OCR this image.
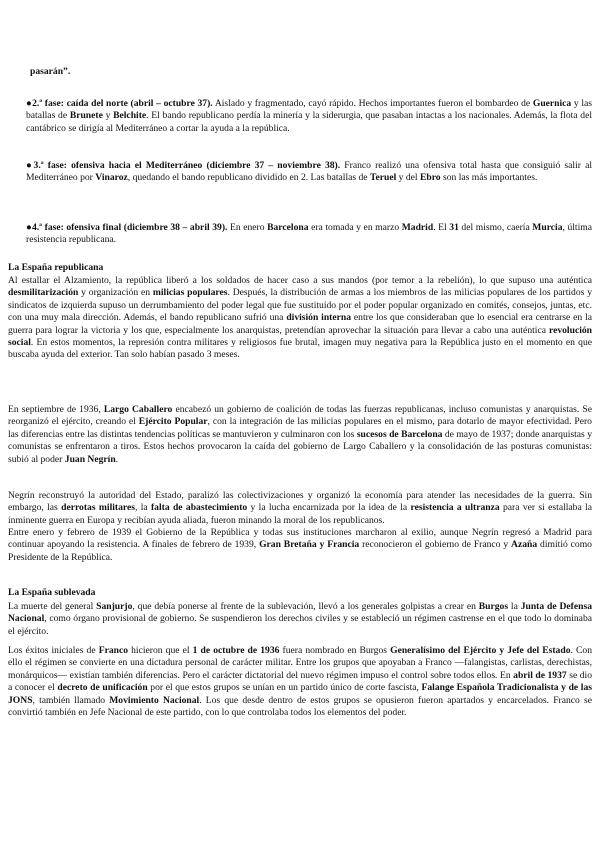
pasarán”.

●2.ª fase: caída del norte (abril – octubre 37). Aislado y fragmentado, cayó rápido. Hechos importantes fueron el bombardeo de Guernica y las batallas de Brunete y Belchite. El bando republicano perdía la minería y la siderurgia, que pasaban intactas a los nacionales. Además, la flota del cantábrico se dirigía al Mediterráneo a cortar la ayuda a la república.

●3.ª fase: ofensiva hacia el Mediterráneo (diciembre 37 – noviembre 38). Franco realizó una ofensiva total hasta que consiguió salir al Mediterráneo por Vinaroz, quedando el bando republicano dividido en 2. Las batallas de Teruel y del Ebro son las más importantes.

●4.ª fase: ofensiva final (diciembre 38 – abril 39). En enero Barcelona era tomada y en marzo Madrid. El 31 del mismo, caería Murcia, última resistencia republicana.

La España republicana

Al estallar el Alzamiento, la república liberó a los soldados de hacer caso a sus mandos (por temor a la rebelión), lo que supuso una auténtica desmilitarización y organización en milicias populares. Después, la distribución de armas a los miembros de las milicias populares de los partidos y sindicatos de izquierda supuso un derrumbamiento del poder legal que fue sustituido por el poder popular organizado en comités, consejos, juntas, etc. con una muy mala dirección. Además, el bando republicano sufrió una división interna entre los que consideraban que lo esencial era centrarse en la guerra para lograr la victoria y los que, especialmente los anarquistas, pretendían aprovechar la situación para llevar a cabo una auténtica revolución social. En estos momentos, la represión contra militares y religiosos fue brutal, imagen muy negativa para la República justo en el momento en que buscaba ayuda del exterior. Tan solo habían pasado 3 meses.

En septiembre de 1936, Largo Caballero encabezó un gobierno de coalición de todas las fuerzas republicanas, incluso comunistas y anarquistas. Se reorganizó el ejército, creando el Ejército Popular, con la integración de las milicias populares en el mismo, para dotarlo de mayor efectividad. Pero las diferencias entre las distintas tendencias políticas se mantuvieron y culminaron con los sucesos de Barcelona de mayo de 1937; donde anarquistas y comunistas se enfrentaron a tiros. Estos hechos provocaron la caída del gobierno de Largo Caballero y la consolidación de las posturas comunistas: subió al poder Juan Negrín.

Negrín reconstruyó la autoridad del Estado, paralizó las colectivizaciones y organizó la economía para atender las necesidades de la guerra. Sin embargo, las derrotas militares, la falta de abastecimiento y la lucha encarnizada por la idea de la resistencia a ultranza para ver si estallaba la inminente guerra en Europa y recibían ayuda aliada, fueron minando la moral de los republicanos.

Entre enero y febrero de 1939 el Gobierno de la República y todas sus instituciones marcharon al exilio, aunque Negrín regresó a Madrid para continuar apoyando la resistencia. A finales de febrero de 1939, Gran Bretaña y Francia reconocieron el gobierno de Franco y Azaña dimitió como Presidente de la República.

La España sublevada

La muerte del general Sanjurjo, que debía ponerse al frente de la sublevación, llevó a los generales golpistas a crear en Burgos la Junta de Defensa Nacional, como órgano provisional de gobierno. Se suspendieron los derechos civiles y se estableció un régimen castrense en el que todo lo dominaba el ejército.

Los éxitos iniciales de Franco hicieron que el 1 de octubre de 1936 fuera nombrado en Burgos Generalísimo del Ejército y Jefe del Estado. Con ello el régimen se convierte en una dictadura personal de carácter militar. Entre los grupos que apoyaban a Franco —falangistas, carlistas, derechistas, monárquicos— existían también diferencias. Pero el carácter dictatorial del nuevo régimen impuso el control sobre todos ellos. En abril de 1937 se dio a conocer el decreto de unificación por el que estos grupos se unían en un partido único de corte fascista, Falange Española Tradicionalista y de las JONS, también llamado Movimiento Nacional. Los que desde dentro de estos grupos se opusieron fueron apartados y encarcelados. Franco se convirtió también en Jefe Nacional de este partido, con lo que controlaba todos los elementos del poder.
